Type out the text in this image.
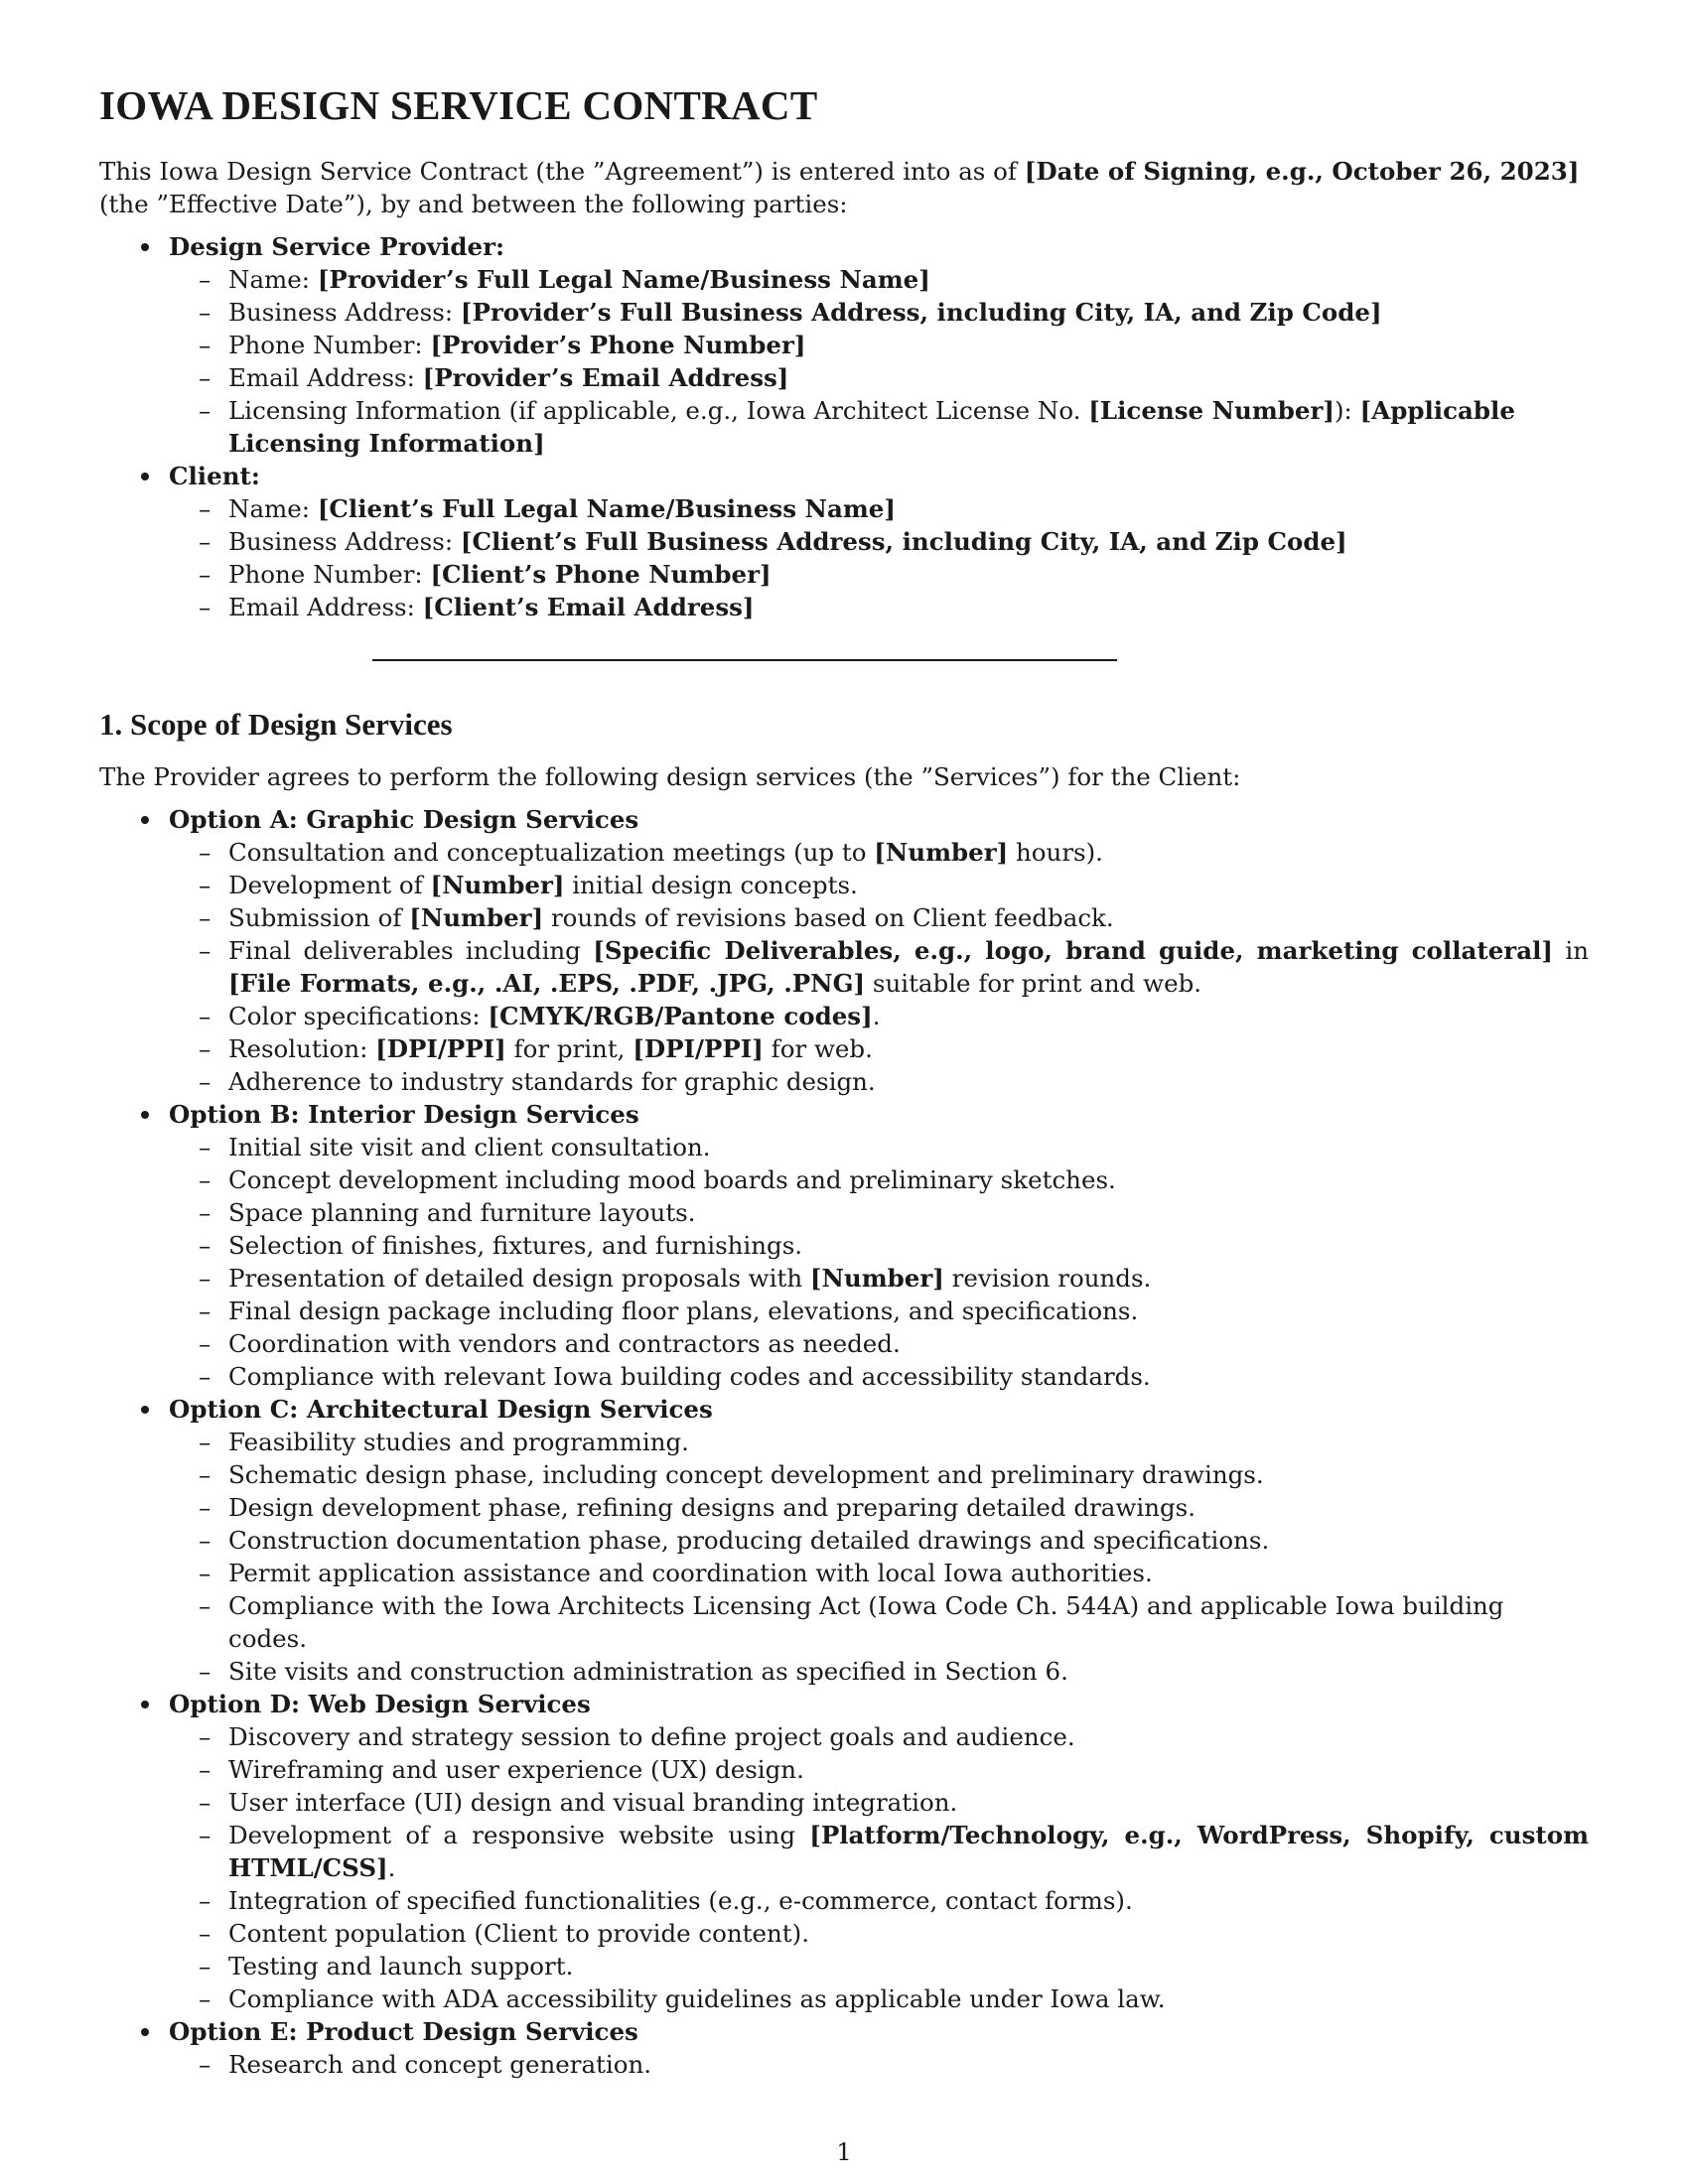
IOWA DESIGN SERVICE CONTRACT

This Iowa Design Service Contract (the ”Agreement”) is entered into as of [Date of Signing, e.g., October 26, 2023] (the ”Effective Date”), by and between the following parties:

Design Service Provider:
– Name: [Provider’s Full Legal Name/Business Name]
– Business Address: [Provider’s Full Business Address, including City, IA, and Zip Code]
– Phone Number: [Provider’s Phone Number]
– Email Address: [Provider’s Email Address]
– Licensing Information (if applicable, e.g., Iowa Architect License No. [License Number]): [Applicable Licensing Information]
Client:
– Name: [Client’s Full Legal Name/Business Name]
– Business Address: [Client’s Full Business Address, including City, IA, and Zip Code]
– Phone Number: [Client’s Phone Number]
– Email Address: [Client’s Email Address]
1. Scope of Design Services

The Provider agrees to perform the following design services (the ”Services”) for the Client:

Option A: Graphic Design Services
– Consultation and conceptualization meetings (up to [Number] hours).
– Development of [Number] initial design concepts.
– Submission of [Number] rounds of revisions based on Client feedback.
– Final deliverables including [Specific Deliverables, e.g., logo, brand guide, marketing collateral] in [File Formats, e.g., .AI, .EPS, .PDF, .JPG, .PNG] suitable for print and web.
– Color specifications: [CMYK/RGB/Pantone codes].
– Resolution: [DPI/PPI] for print, [DPI/PPI] for web.
– Adherence to industry standards for graphic design.
Option B: Interior Design Services
– Initial site visit and client consultation.
– Concept development including mood boards and preliminary sketches.
– Space planning and furniture layouts.
– Selection of finishes, fixtures, and furnishings.
– Presentation of detailed design proposals with [Number] revision rounds.
– Final design package including floor plans, elevations, and specifications.
– Coordination with vendors and contractors as needed.
– Compliance with relevant Iowa building codes and accessibility standards.
Option C: Architectural Design Services
– Feasibility studies and programming.
– Schematic design phase, including concept development and preliminary drawings.
– Design development phase, refining designs and preparing detailed drawings.
– Construction documentation phase, producing detailed drawings and specifications.
– Permit application assistance and coordination with local Iowa authorities.
– Compliance with the Iowa Architects Licensing Act (Iowa Code Ch. 544A) and applicable Iowa building codes.
– Site visits and construction administration as specified in Section 6.
Option D: Web Design Services
– Discovery and strategy session to define project goals and audience.
– Wireframing and user experience (UX) design.
– User interface (UI) design and visual branding integration.
– Development of a responsive website using [Platform/Technology, e.g., WordPress, Shopify, custom HTML/CSS].
– Integration of specified functionalities (e.g., e-commerce, contact forms).
– Content population (Client to provide content).
– Testing and launch support.
– Compliance with ADA accessibility guidelines as applicable under Iowa law.
Option E: Product Design Services
– Research and concept generation.
1
